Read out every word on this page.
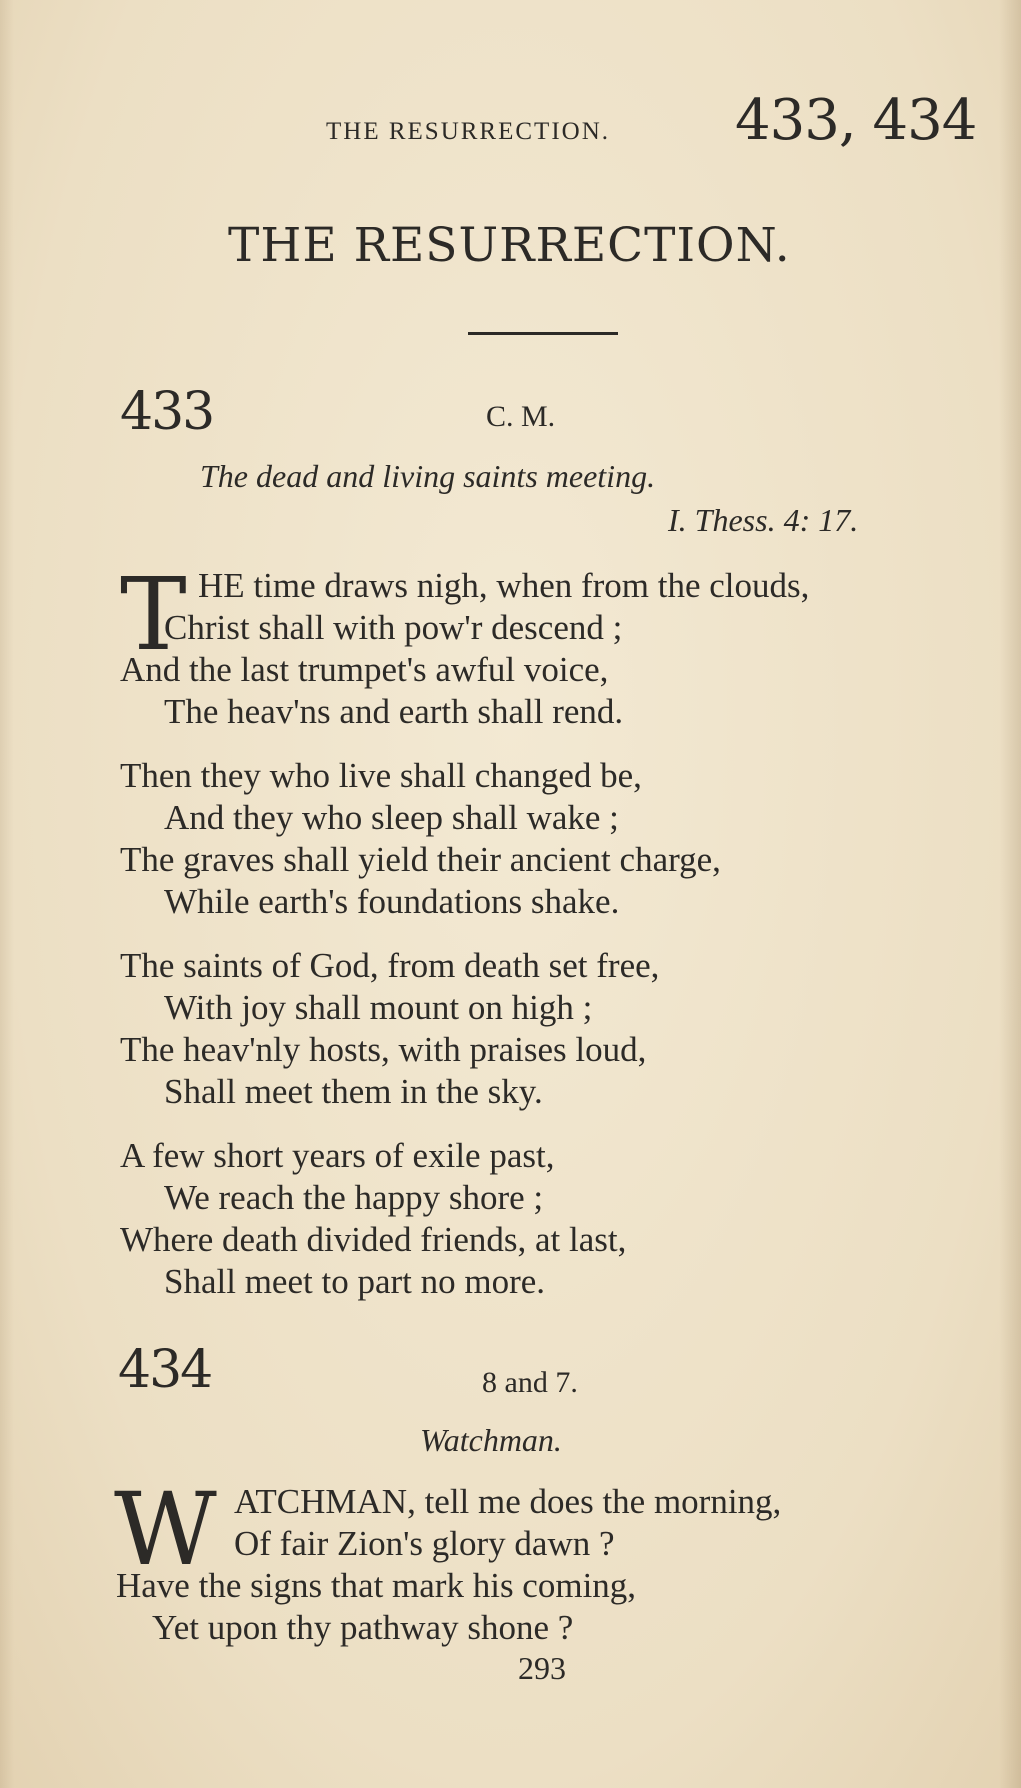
THE RESURRECTION. 433, 434
THE RESURRECTION.
433	C. M.
The dead and living saints meeting.
I. Thess. 4: 17.
T HE time draws nigh, when from the clouds,
Christ shall with pow'r descend ;
And the last trumpet's awful voice,
The heav'ns and earth shall rend.
Then they who live shall changed be,
And they who sleep shall wake ;
The graves shall yield their ancient charge,
While earth's foundations shake.
The saints of God, from death set free,
With joy shall mount on high ;
The heav'nly hosts, with praises loud,
Shall meet them in the sky.
A few short years of exile past,
We reach the happy shore ;
Where death divided friends, at last,
Shall meet to part no more.
434	8 and 7.
Watchman.
W ATCHMAN, tell me does the morning,
Of fair Zion's glory dawn ?
Have the signs that mark his coming,
Yet upon thy pathway shone ?
293
